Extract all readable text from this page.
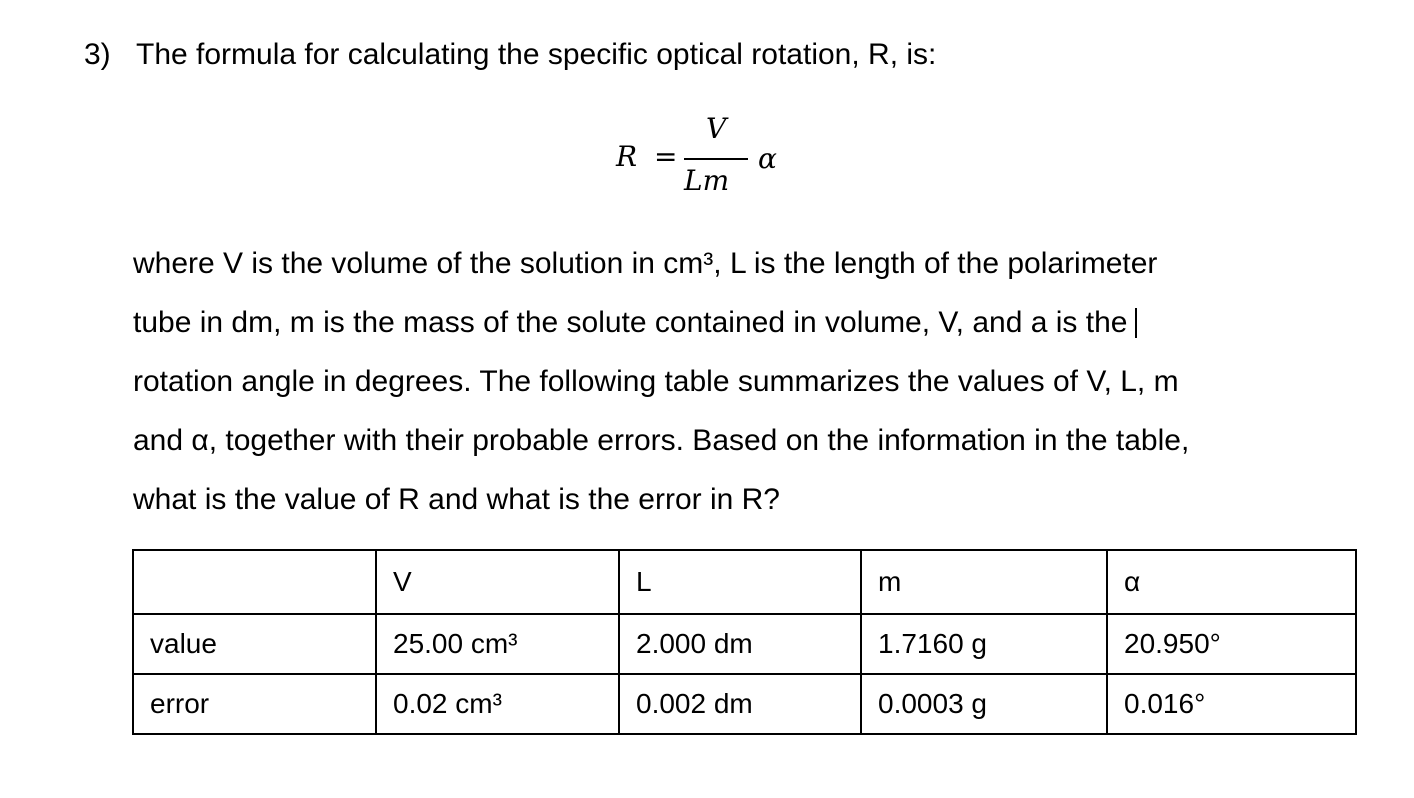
3) The formula for calculating the specific optical rotation, R, is:
R =
V
Lm
α
where V is the volume of the solution in cm³, L is the length of the polarimeter
tube in dm, m is the mass of the solute contained in volume, V, and a is the
rotation angle in degrees. The following table summarizes the values of V, L, m
and α, together with their probable errors. Based on the information in the table,
what is the value of R and what is the error in R?
	V	L	m	α
value	25.00 cm³	2.000 dm	1.7160 g	20.950°
error	0.02 cm³	0.002 dm	0.0003 g	0.016°
